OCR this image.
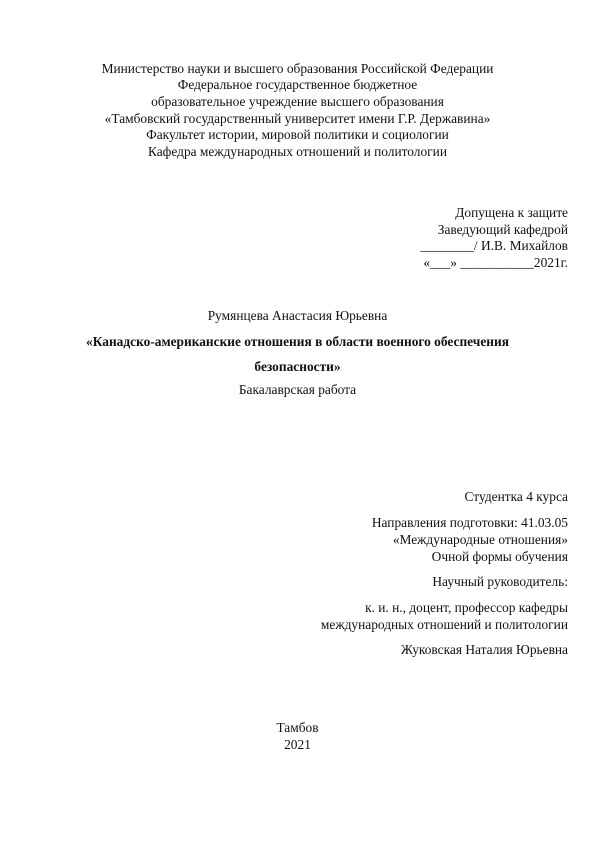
Министерство науки и высшего образования Российской Федерации
Федеральное государственное бюджетное
образовательное учреждение высшего образования
«Тамбовский государственный университет имени Г.Р. Державина»
Факультет истории, мировой политики и социологии
Кафедра международных отношений и политологии
Допущена к защите
Заведующий кафедрой
________/ И.В. Михайлов
«___» ___________2021г.
Румянцева Анастасия Юрьевна
«Канадско-американские отношения в области военного обеспечения
безопасности»
Бакалаврская работа
Студентка 4 курса
Направления подготовки: 41.03.05
«Международные отношения»
Очной формы обучения
Научный руководитель:
к. и. н., доцент, профессор кафедры
международных отношений и политологии
Жуковская Наталия Юрьевна
Тамбов
2021
